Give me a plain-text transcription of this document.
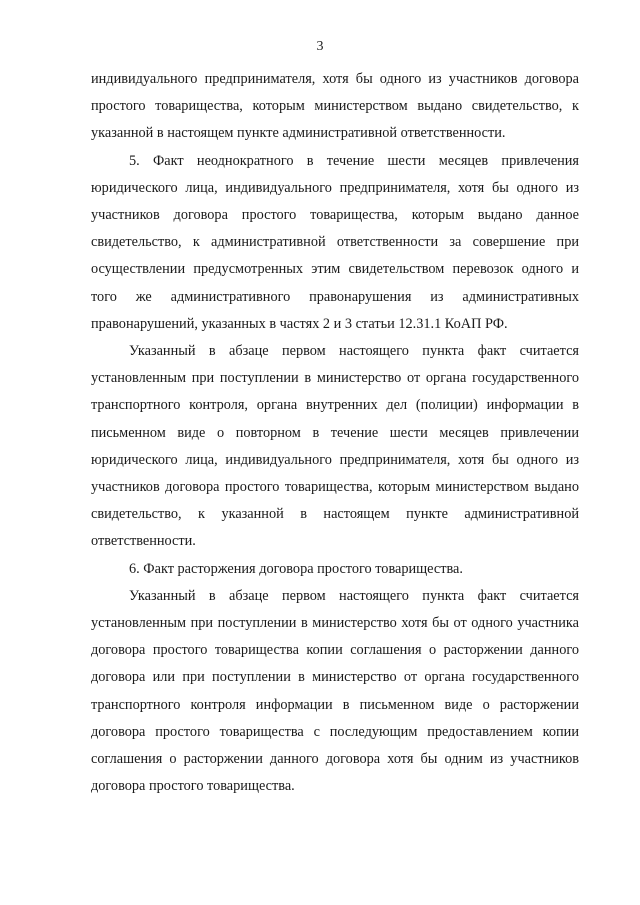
3

индивидуального предпринимателя, хотя бы одного из участников договора простого товарищества, которым министерством выдано свидетельство, к указанной в настоящем пункте административной ответственности.

5. Факт неоднократного в течение шести месяцев привлечения юридического лица, индивидуального предпринимателя, хотя бы одного из участников договора простого товарищества, которым выдано данное свидетельство, к административной ответственности за совершение при осуществлении предусмотренных этим свидетельством перевозок одного и того же административного правонарушения из административных правонарушений, указанных в частях 2 и 3 статьи 12.31.1 КоАП РФ.

Указанный в абзаце первом настоящего пункта факт считается установленным при поступлении в министерство от органа государственного транспортного контроля, органа внутренних дел (полиции) информации в письменном виде о повторном в течение шести месяцев привлечении юридического лица, индивидуального предпринимателя, хотя бы одного из участников договора простого товарищества, которым министерством выдано свидетельство, к указанной в настоящем пункте административной ответственности.

6. Факт расторжения договора простого товарищества.

Указанный в абзаце первом настоящего пункта факт считается установленным при поступлении в министерство хотя бы от одного участника договора простого товарищества копии соглашения о расторжении данного договора или при поступлении в министерство от органа государственного транспортного контроля информации в письменном виде о расторжении договора простого товарищества с последующим предоставлением копии соглашения о расторжении данного договора хотя бы одним из участников договора простого товарищества.
